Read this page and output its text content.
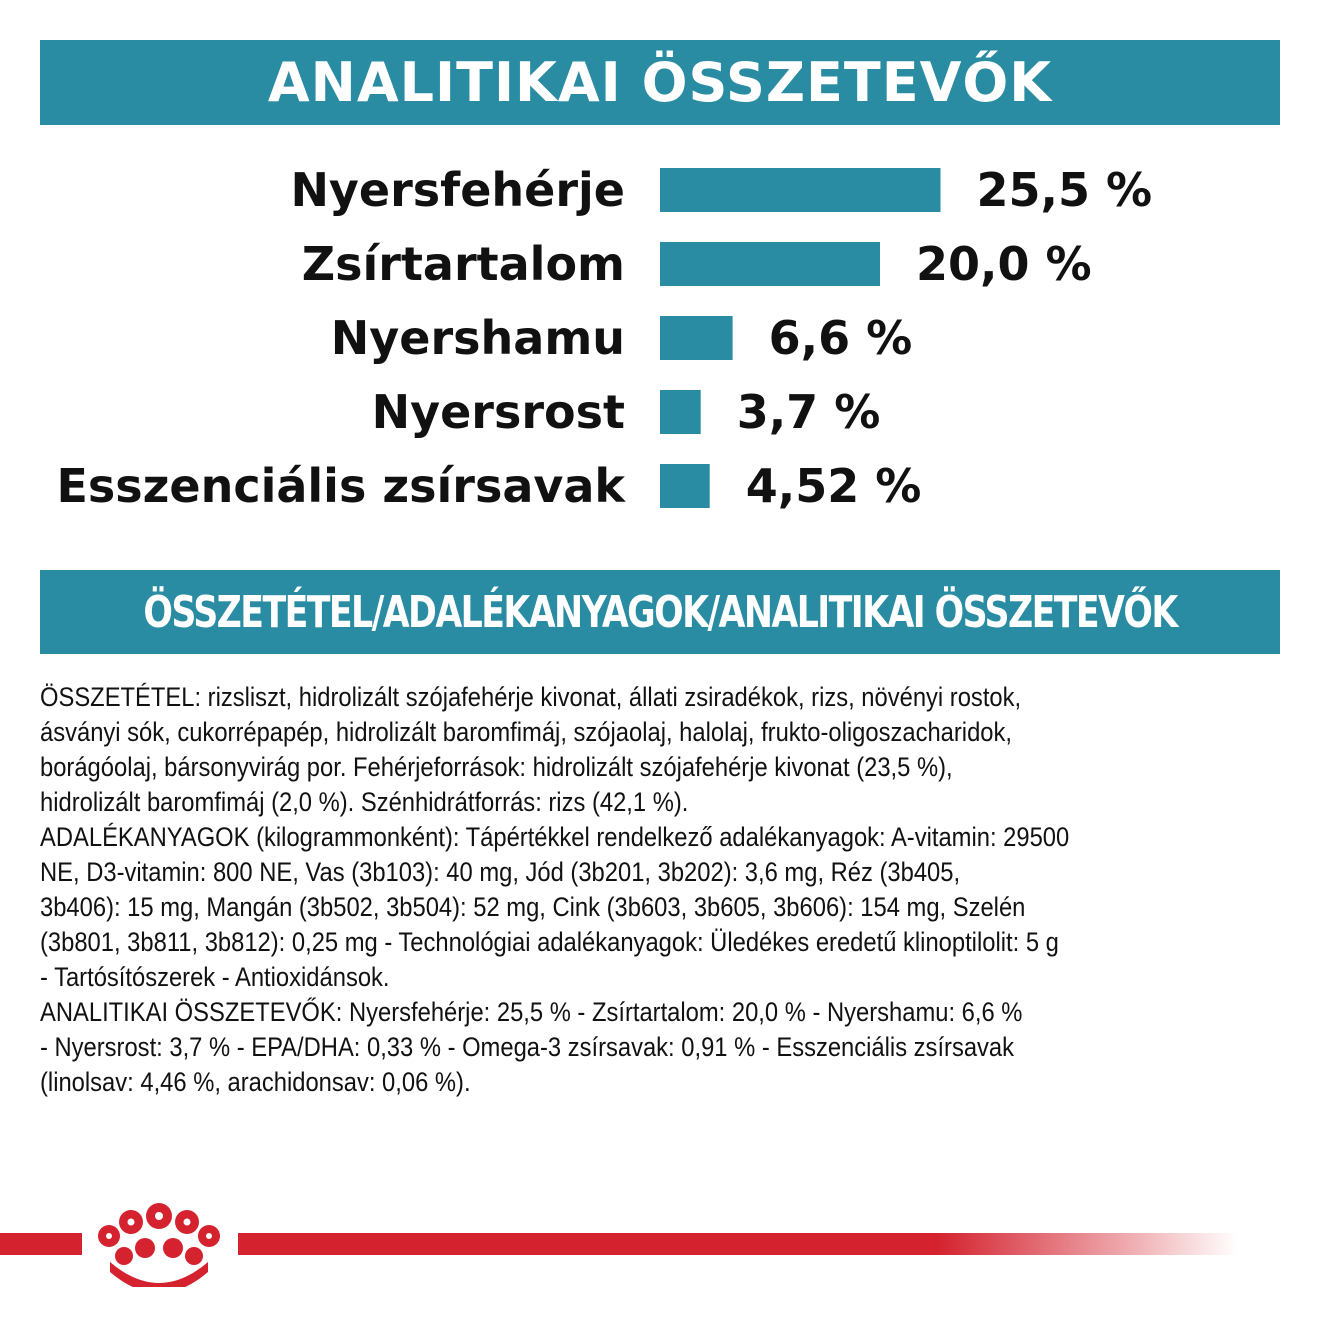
ANALITIKAI ÖSSZETEVŐK
Nyersfehérje	25,5 %
Zsírtartalom	20,0 %
Nyershamu	6,6 %
Nyersrost 3,7 %
Esszenciális zsírsavak	4,52 %
ÖSSZETÉTEL/ADALÉKANYAGOK/ANALITIKAI ÖSSZETEVŐK

ÖSSZETÉTEL: rizsliszt, hidrolizált szójafehérje kivonat, állati zsiradékok, rizs, növényi rostok,

ásványi sók, cukorrépapép, hidrolizált baromfimáj, szójaolaj, halolaj, frukto-oligoszacharidok,

borágóolaj, bársonyvirág por. Fehérjeforrások: hidrolizált szójafehérje kivonat (23,5 %),

hidrolizált baromfimáj (2,0 %). Szénhidrátforrás: rizs (42,1 %).

ADALÉKANYAGOK (kilogrammonként): Tápértékkel rendelkező adalékanyagok: A-vitamin: 29500

NE, D3-vitamin: 800 NE, Vas (3b103): 40 mg, Jód (3b201, 3b202): 3,6 mg, Réz (3b405,

3b406): 15 mg, Mangán (3b502, 3b504): 52 mg, Cink (3b603, 3b605, 3b606): 154 mg, Szelén

(3b801, 3b811, 3b812): 0,25 mg - Technológiai adalékanyagok: Üledékes eredetű klinoptilolit: 5 g

- Tartósítószerek - Antioxidánsok.

ANALITIKAI ÖSSZETEVŐK: Nyersfehérje: 25,5 % - Zsírtartalom: 20,0 % - Nyershamu: 6,6 %

- Nyersrost: 3,7 % - EPA/DHA: 0,33 % - Omega-3 zsírsavak: 0,91 % - Esszenciális zsírsavak

(linolsav: 4,46 %, arachidonsav: 0,06 %).
